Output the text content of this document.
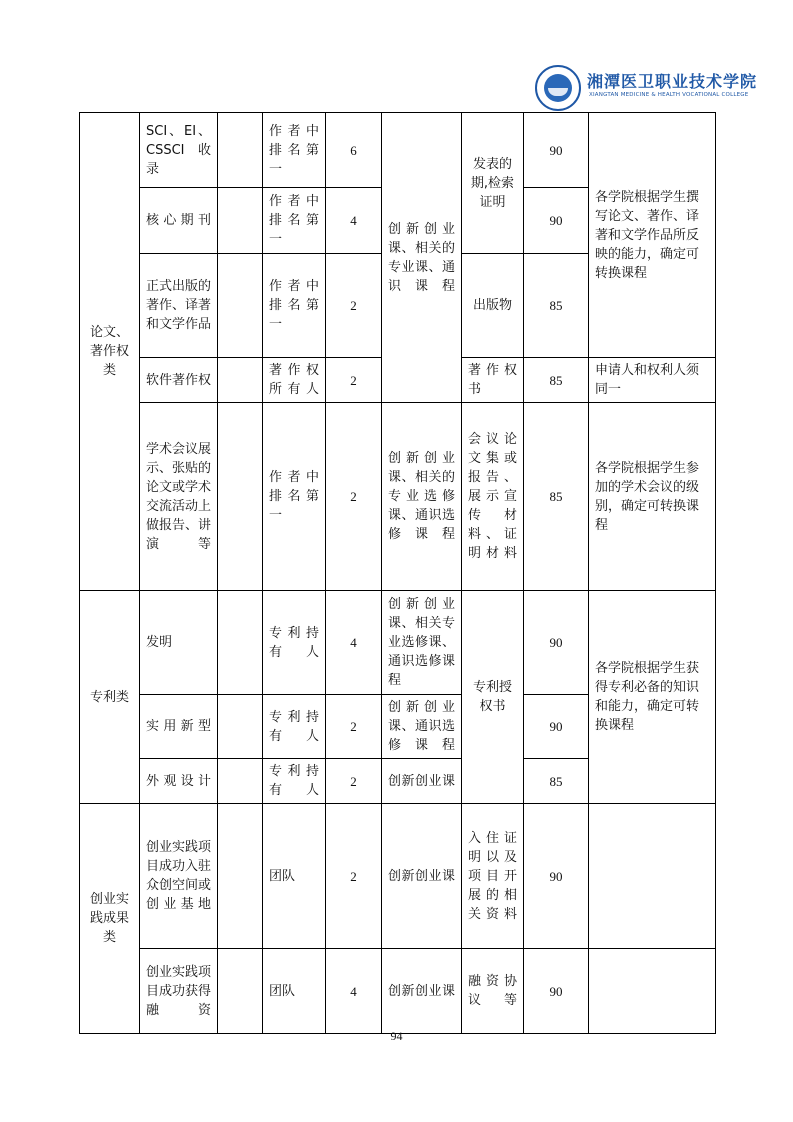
湘潭医卫职业技术学院
XIANGTAN MEDICINE & HEALTH VOCATIONAL COLLEGE
论文、著作权类	SCI、EI、CSSCI 收录		作者中排名第一	6	创新创业课、相关的专业课、通识课程	发表的期,检索证明	90	各学院根据学生撰写论文、著作、译著和文学作品所反映的能力，确定可转换课程
	核心期刊		作者中排名第一	4			90	
	正式出版的著作、译著和文学作品		作者中排名第一	2		出版物	85	
	软件著作权		著作权所有人	2		著作权书	85	申请人和权利人须同一
	学术会议展示、张贴的论文或学术交流活动上做报告、讲演等		作者中排名第一	2	创新创业课、相关的专业选修课、通识选修课程	会议论文集或报告、展示宣传材料、证明材料	85	各学院根据学生参加的学术会议的级别，确定可转换课程
专利类	发明		专利持有人	4	创新创业课、相关专业选修课、通识选修课程	专利授权书	90	各学院根据学生获得专利必备的知识和能力，确定可转换课程
	实用新型		专利持有人	2	创新创业课、通识选修课程		90	
	外观设计		专利持有人	2	创新创业课		85	
创业实践成果类	创业实践项目成功入驻众创空间或创业基地		团队	2	创新创业课	入住证明以及项目开展的相关资料	90	
	创业实践项目成功获得融资		团队	4	创新创业课	融资协议等	90	
94
